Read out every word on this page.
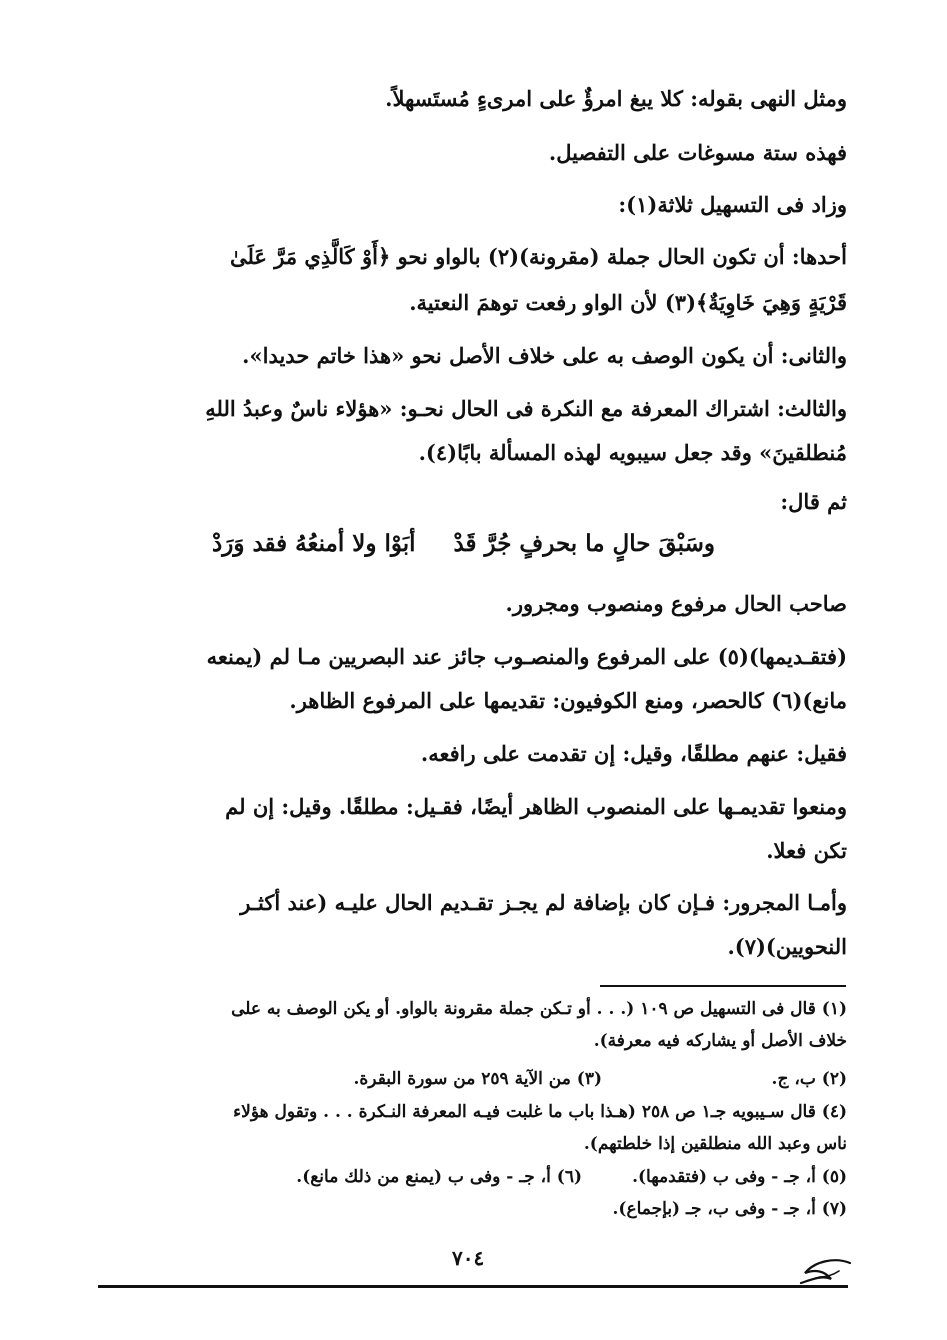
ومثل النهى بقوله: كلا يبغ امرؤٌ على امرىءٍ مُستَسهلاً.
فهذه ستة مسوغات على التفصيل.
وزاد فى التسهيل ثلاثة(١):
أحدها: أن تكون الحال جملة (مقرونة)(٢) بالواو نحو ﴿أَوْ كَالَّذِي مَرَّ عَلَىٰ
قَرْيَةٍ وَهِيَ خَاوِيَةٌ﴾(٣) لأن الواو رفعت توهمَ النعتية.
والثانى: أن يكون الوصف به على خلاف الأصل نحو «هذا خاتم حديدا».
والثالث: اشتراك المعرفة مع النكرة فى الحال نحـو: «هؤلاء ناسٌ وعبدُ اللهِ
مُنطلقينَ» وقد جعل سيبويه لهذه المسألة بابًا(٤).
ثم قال:
وسَبْقَ حالٍ ما بحرفٍ جُرَّ قَدْ
أبَوْا ولا أمنعُهُ فقد وَرَدْ
صاحب الحال مرفوع ومنصوب ومجرور.
(فتقـديمها)(٥) على المرفوع والمنصـوب جائز عند البصريين مـا لم (يمنعه
مانع)(٦) كالحصر، ومنع الكوفيون: تقديمها على المرفوع الظاهر.
فقيل: عنهم مطلقًا، وقيل: إن تقدمت على رافعه.
ومنعوا تقديمـها على المنصوب الظاهر أيضًا، فقـيل: مطلقًا. وقيل: إن لم
تكن فعلا.
وأمـا المجرور: فـإن كان بإضافة لم يجـز تقـديم الحال عليـه (عند أكثـر
النحويين)(٧).
(١) قال فى التسهيل ص ١٠٩ (. . . أو تـكن جملة مقرونة بالواو. أو يكن الوصف به على
خلاف الأصل أو يشاركه فيه معرفة).
(٢) ب، ج.
(٣) من الآية ٢٥٩ من سورة البقرة.
(٤) قال سـيبويه جـ١ ص ٢٥٨ (هـذا باب ما غلبت فيـه المعرفة النـكرة . . . وتقول هؤلاء
ناس وعبد الله منطلقين إذا خلطتهم).
(٥) أ، جـ - وفى ب (فتقدمها).
(٦) أ، جـ - وفى ب (يمنع من ذلك مانع).
(٧) أ، جـ - وفى ب، جـ (بإجماع).
٧٠٤
